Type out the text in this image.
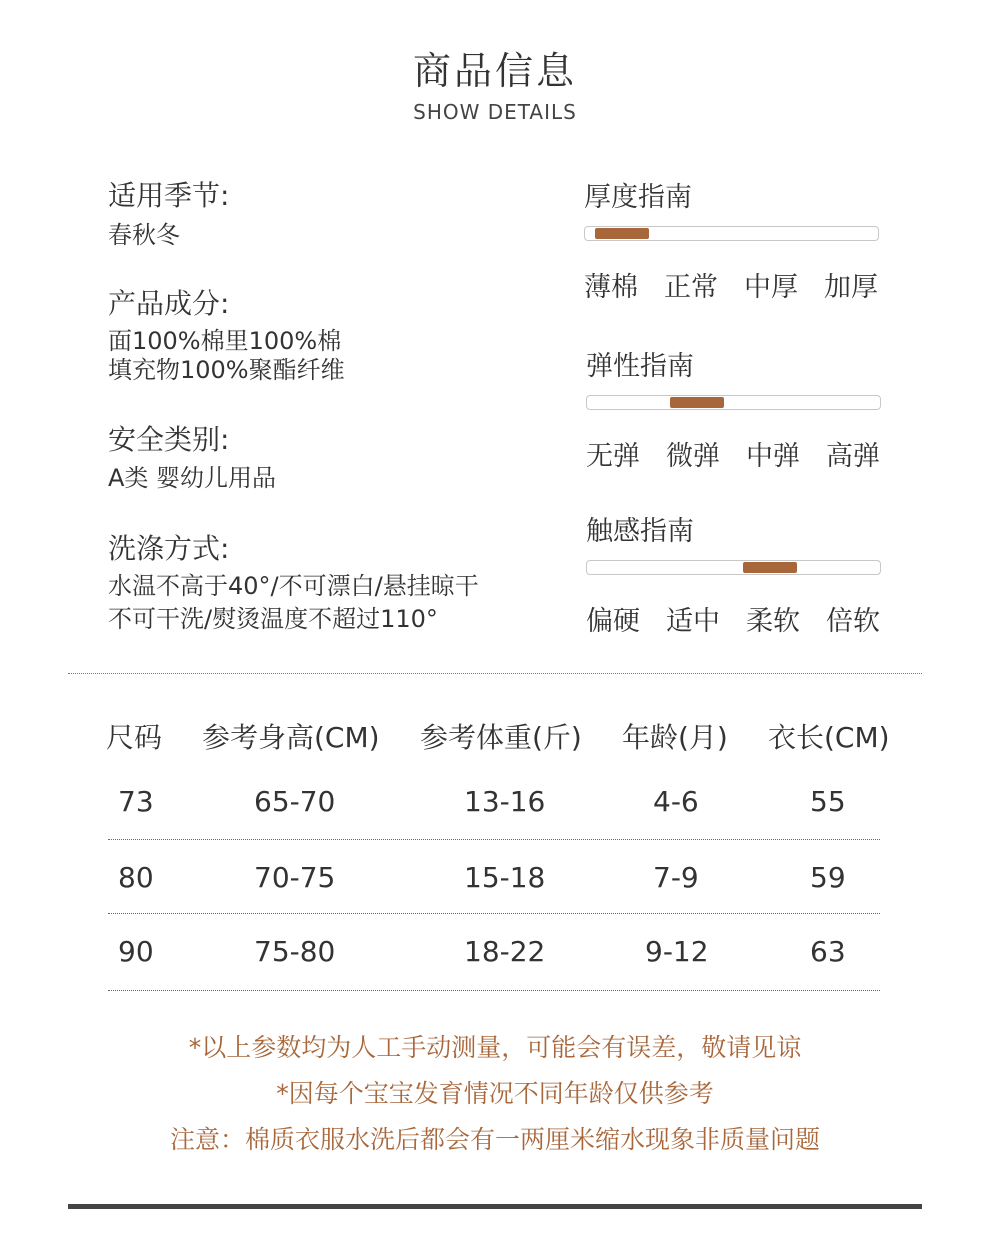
商品信息
SHOW DETAILS
适用季节:
春秋冬
产品成分:
面100%棉里100%棉
填充物100%聚酯纤维
安全类别:
A类 婴幼儿用品
洗涤方式:
水温不高于40°/不可漂白/悬挂晾干
不可干洗/熨烫温度不超过110°
厚度指南
薄棉 正常 中厚 加厚
弹性指南
无弹 微弹 中弹 高弹
触感指南
偏硬 适中 柔软 倍软
尺码 参考身高(CM) 参考体重(斤) 年龄(月) 衣长(CM)
73	65-70	13-16	4-6	55
80	70-75	15-18	7-9	59
90	75-80	18-22	9-12	63
*以上参数均为人工手动测量，可能会有误差，敬请见谅
*因每个宝宝发育情况不同年龄仅供参考
注意：棉质衣服水洗后都会有一两厘米缩水现象非质量问题
